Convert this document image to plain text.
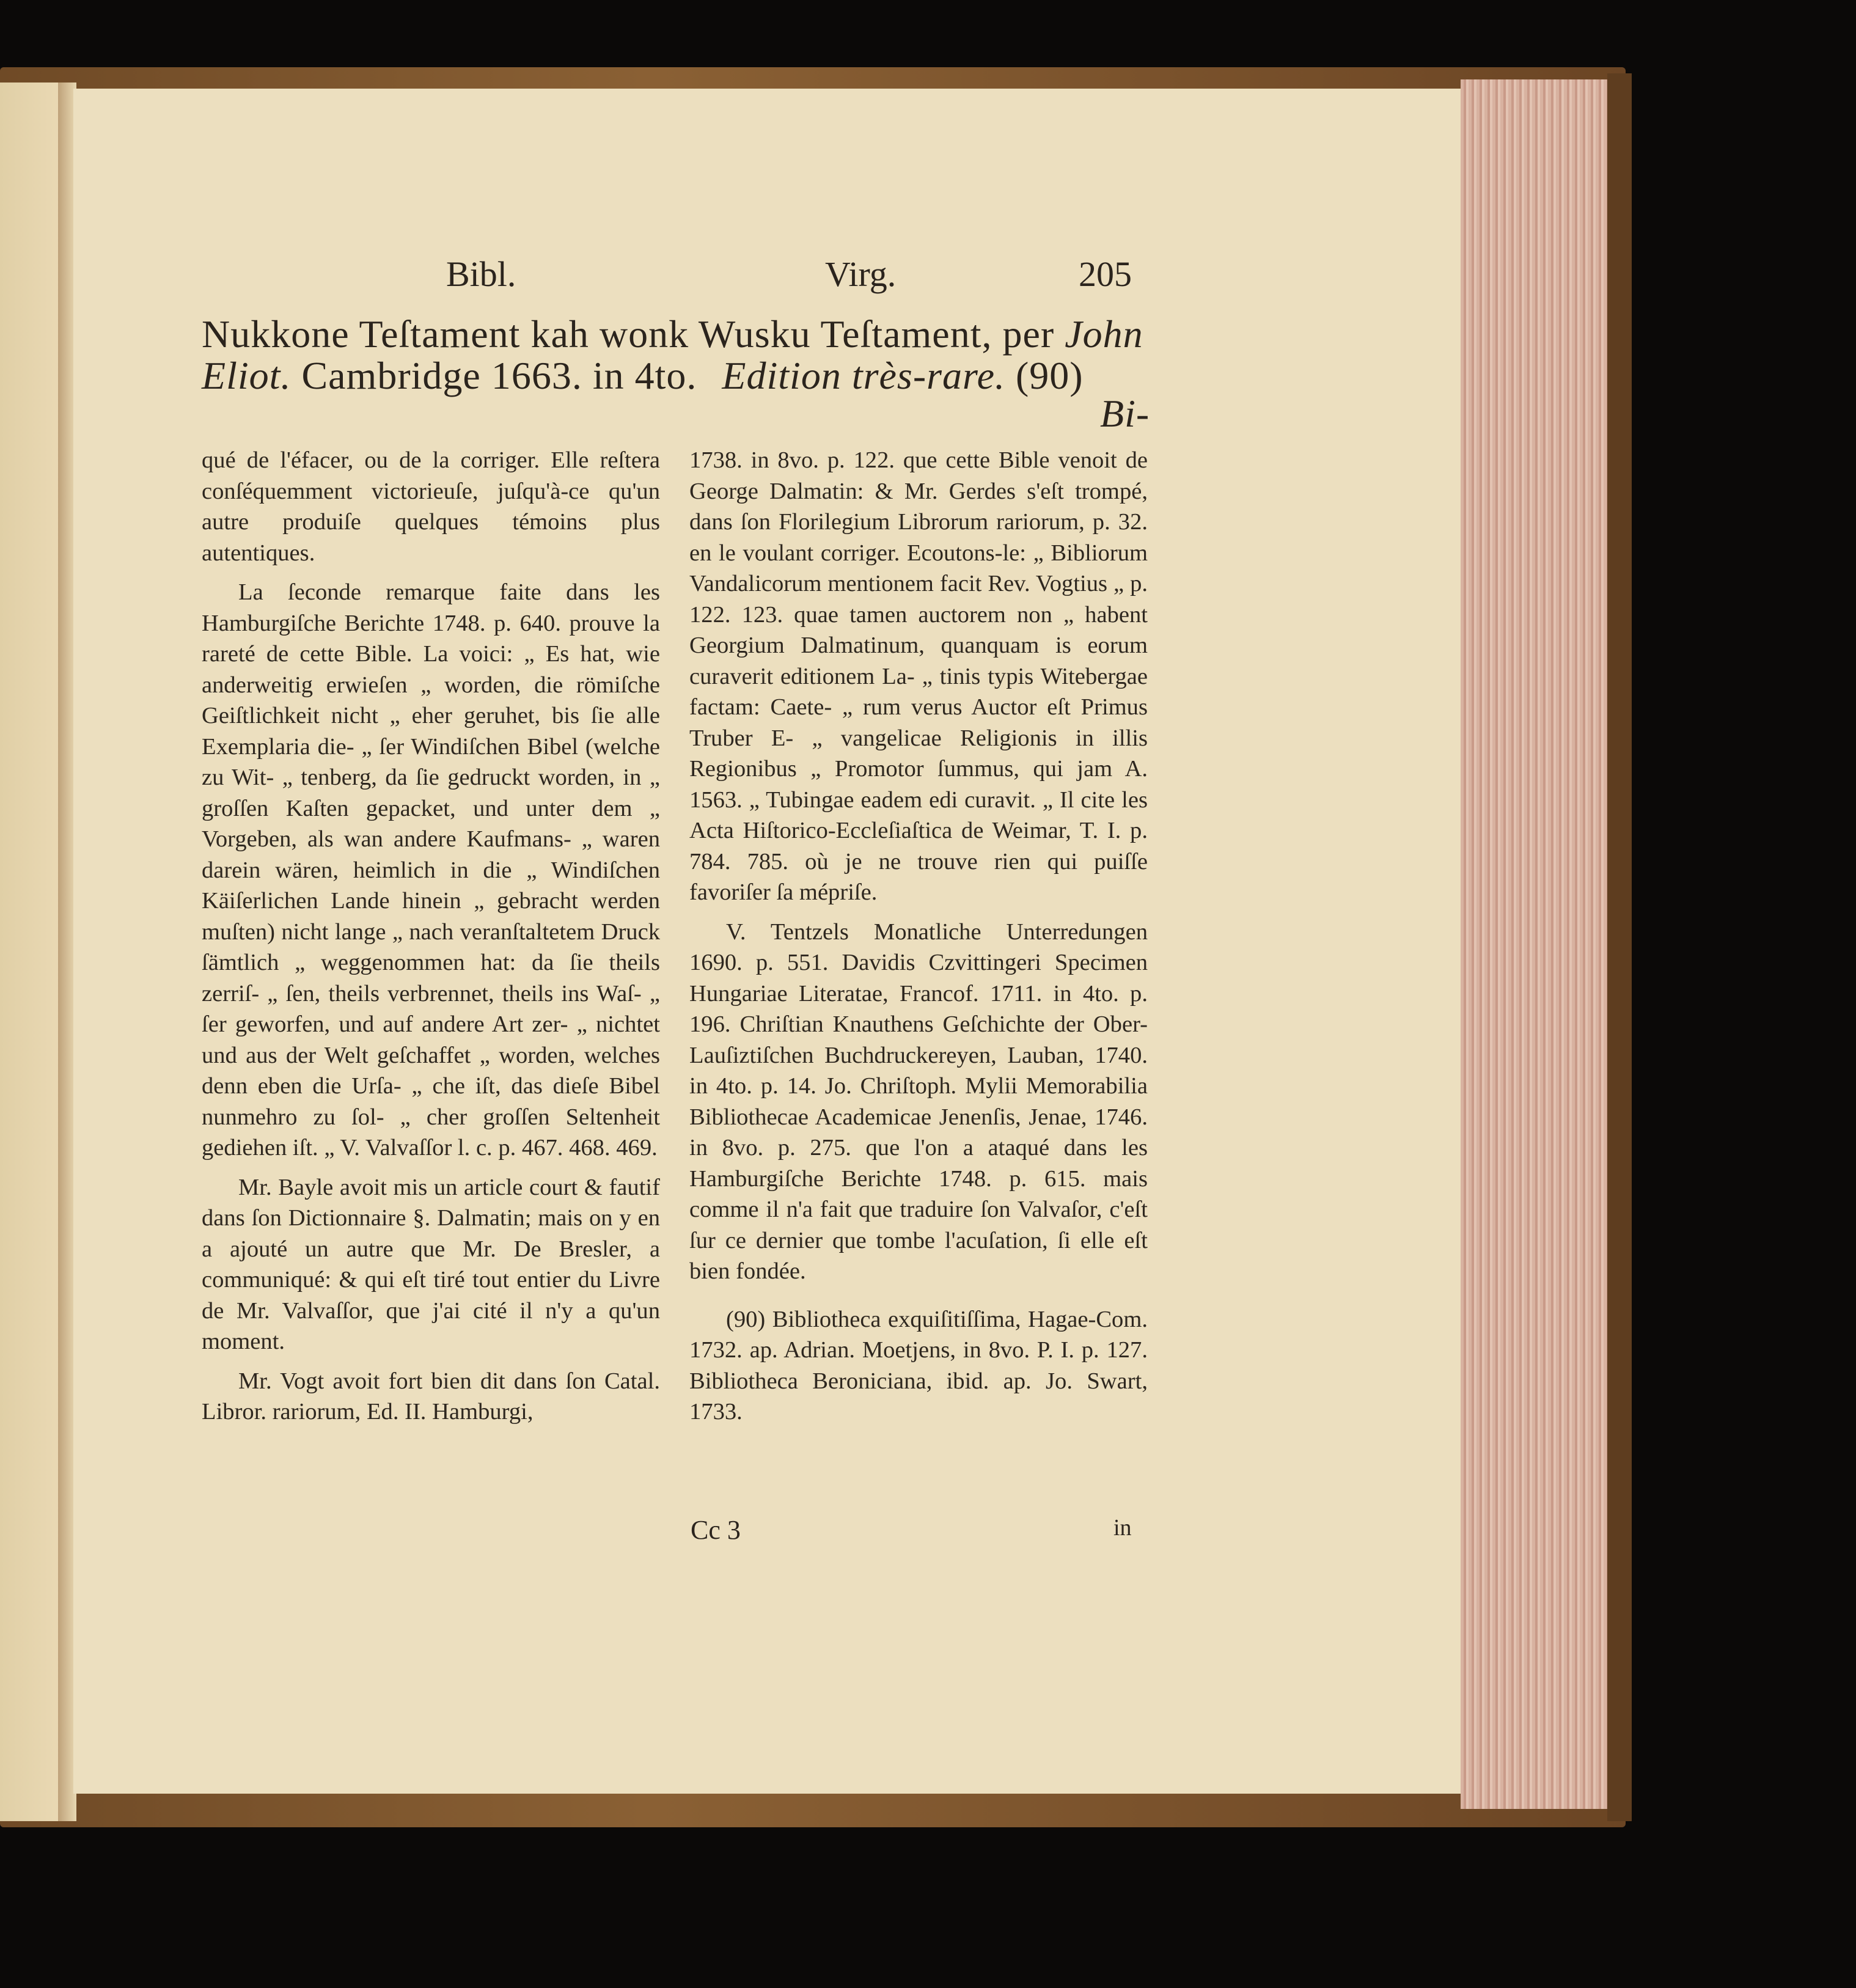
Bibl.	Virg.	205
Nukkone Teſtament kah wonk Wusku Teſtament, per John
Eliot. Cambridge 1663. in 4to. Edition très-rare. (90)
Bi-

qué de l'éfacer, ou de la corriger. Elle reſtera conſéquemment victorieuſe, juſqu'à-ce qu'un autre produiſe quelques témoins plus autentiques.

La ſeconde remarque faite dans les Hamburgiſche Berichte 1748. p. 640. prouve la rareté de cette Bible. La voici: „ Es hat, wie anderweitig erwieſen „ worden, die römiſche Geiſtlichkeit nicht „ eher geruhet, bis ſie alle Exemplaria die- „ ſer Windiſchen Bibel (welche zu Wit- „ tenberg, da ſie gedruckt worden, in „ groſſen Kaſten gepacket, und unter dem „ Vorgeben, als wan andere Kaufmans- „ waren darein wären, heimlich in die „ Windiſchen Käiſerlichen Lande hinein „ gebracht werden muſten) nicht lange „ nach veranſtaltetem Druck ſämtlich „ weggenommen hat: da ſie theils zerriſ- „ ſen, theils verbrennet, theils ins Waſ- „ ſer geworfen, und auf andere Art zer- „ nichtet und aus der Welt geſchaffet „ worden, welches denn eben die Urſa- „ che iſt, das dieſe Bibel nunmehro zu ſol- „ cher groſſen Seltenheit gediehen iſt. „ V. Valvaſſor l. c. p. 467. 468. 469.

Mr. Bayle avoit mis un article court & fautif dans ſon Dictionnaire §. Dalmatin; mais on y en a ajouté un autre que Mr. De Bresler, a communiqué: & qui eſt tiré tout entier du Livre de Mr. Valvaſſor, que j'ai cité il n'y a qu'un moment.

Mr. Vogt avoit fort bien dit dans ſon Catal. Libror. rariorum, Ed. II. Hamburgi,

1738. in 8vo. p. 122. que cette Bible venoit de George Dalmatin: & Mr. Gerdes s'eſt trompé, dans ſon Florilegium Librorum rariorum, p. 32. en le voulant corriger. Ecoutons-le: „ Bibliorum Vandalicorum mentionem facit Rev. Vogtius „ p. 122. 123. quae tamen auctorem non „ habent Georgium Dalmatinum, quanquam is eorum curaverit editionem La- „ tinis typis Witebergae factam: Caete- „ rum verus Auctor eſt Primus Truber E- „ vangelicae Religionis in illis Regionibus „ Promotor ſummus, qui jam A. 1563. „ Tubingae eadem edi curavit. „ Il cite les Acta Hiſtorico-Eccleſiaſtica de Weimar, T. I. p. 784. 785. où je ne trouve rien qui puiſſe favoriſer ſa mépriſe.

V. Tentzels Monatliche Unterredungen 1690. p. 551. Davidis Czvittingeri Specimen Hungariae Literatae, Francof. 1711. in 4to. p. 196. Chriſtian Knauthens Geſchichte der Ober-Lauſiztiſchen Buchdruckereyen, Lauban, 1740. in 4to. p. 14. Jo. Chriſtoph. Mylii Memorabilia Bibliothecae Academicae Jenenſis, Jenae, 1746. in 8vo. p. 275. que l'on a ataqué dans les Hamburgiſche Berichte 1748. p. 615. mais comme il n'a fait que traduire ſon Valvaſor, c'eſt ſur ce dernier que tombe l'acuſation, ſi elle eſt bien fondée.

(90) Bibliotheca exquiſitiſſima, Hagae-Com. 1732. ap. Adrian. Moetjens, in 8vo. P. I. p. 127. Bibliotheca Beroniciana, ibid. ap. Jo. Swart, 1733.

Cc 3	in
